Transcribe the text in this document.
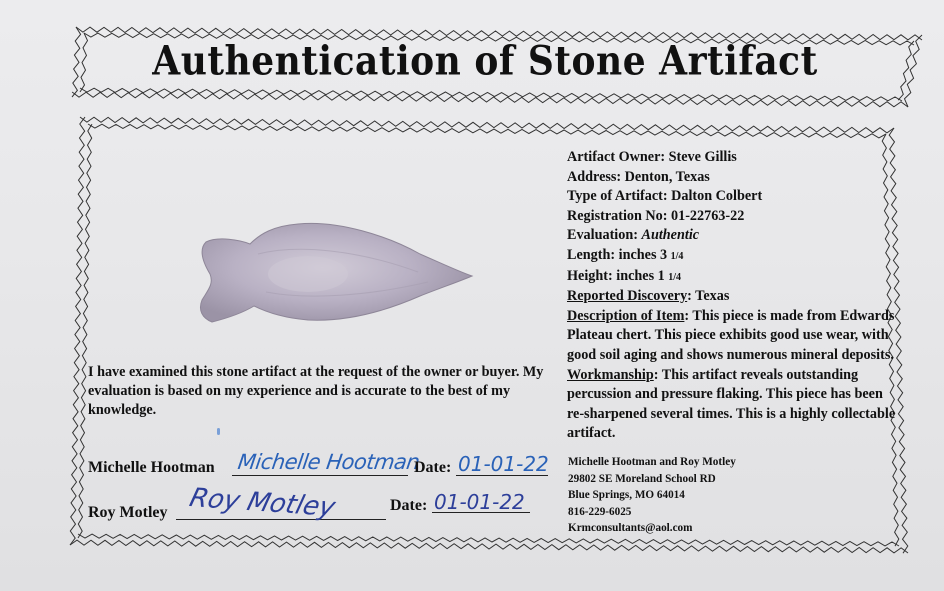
Authentication of Stone Artifact
Artifact Owner: Steve Gillis
Address: Denton, Texas
Type of Artifact: Dalton Colbert
Registration No: 01-22763-22
Evaluation: Authentic
Length: inches 3 1/4
Height: inches 1 1/4
Reported Discovery: Texas
Description of Item: This piece is made from Edwards Plateau chert. This piece exhibits good use wear, with good soil aging and shows numerous mineral deposits.
Workmanship: This artifact reveals outstanding percussion and pressure flaking. This piece has been re-sharpened several times. This is a highly collectable artifact.
I have examined this stone artifact at the request of the owner or buyer. My evaluation is based on my experience and is accurate to the best of my knowledge.
Michelle Hootman Michelle Hootman
Date: 01-01-22
Roy Motley Roy Motley	Date: 01-01-22
Michelle Hootman and Roy Motley
29802 SE Moreland School RD
Blue Springs, MO 64014
816-229-6025
Krmconsultants@aol.com
